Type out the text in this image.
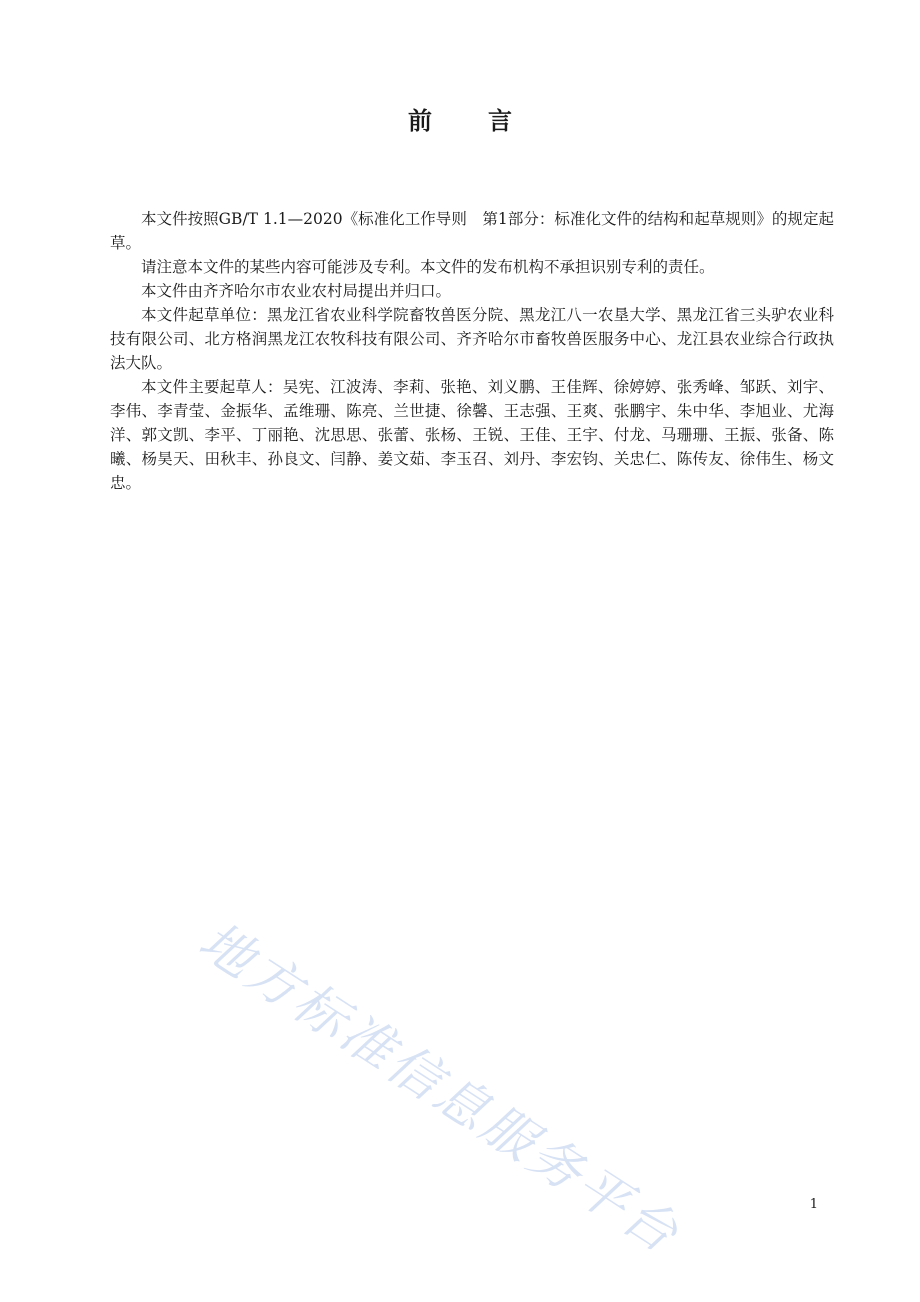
前 言

本文件按照GB/T 1.1—2020《标准化工作导则　第1部分：标准化文件的结构和起草规则》的规定起草。

请注意本文件的某些内容可能涉及专利。本文件的发布机构不承担识别专利的责任。

本文件由齐齐哈尔市农业农村局提出并归口。

本文件起草单位：黑龙江省农业科学院畜牧兽医分院、黑龙江八一农垦大学、黑龙江省三头驴农业科技有限公司、北方格润黑龙江农牧科技有限公司、齐齐哈尔市畜牧兽医服务中心、龙江县农业综合行政执法大队。

本文件主要起草人：吴宪、江波涛、李莉、张艳、刘义鹏、王佳辉、徐婷婷、张秀峰、邹跃、刘宇、李伟、李青莹、金振华、孟维珊、陈亮、兰世捷、徐馨、王志强、王爽、张鹏宇、朱中华、李旭业、尤海洋、郭文凯、李平、丁丽艳、沈思思、张蕾、张杨、王锐、王佳、王宇、付龙、马珊珊、王振、张备、陈曦、杨昊天、田秋丰、孙良文、闫静、姜文茹、李玉召、刘丹、李宏钧、关忠仁、陈传友、徐伟生、杨文忠。

地方标准信息服务平台	1
